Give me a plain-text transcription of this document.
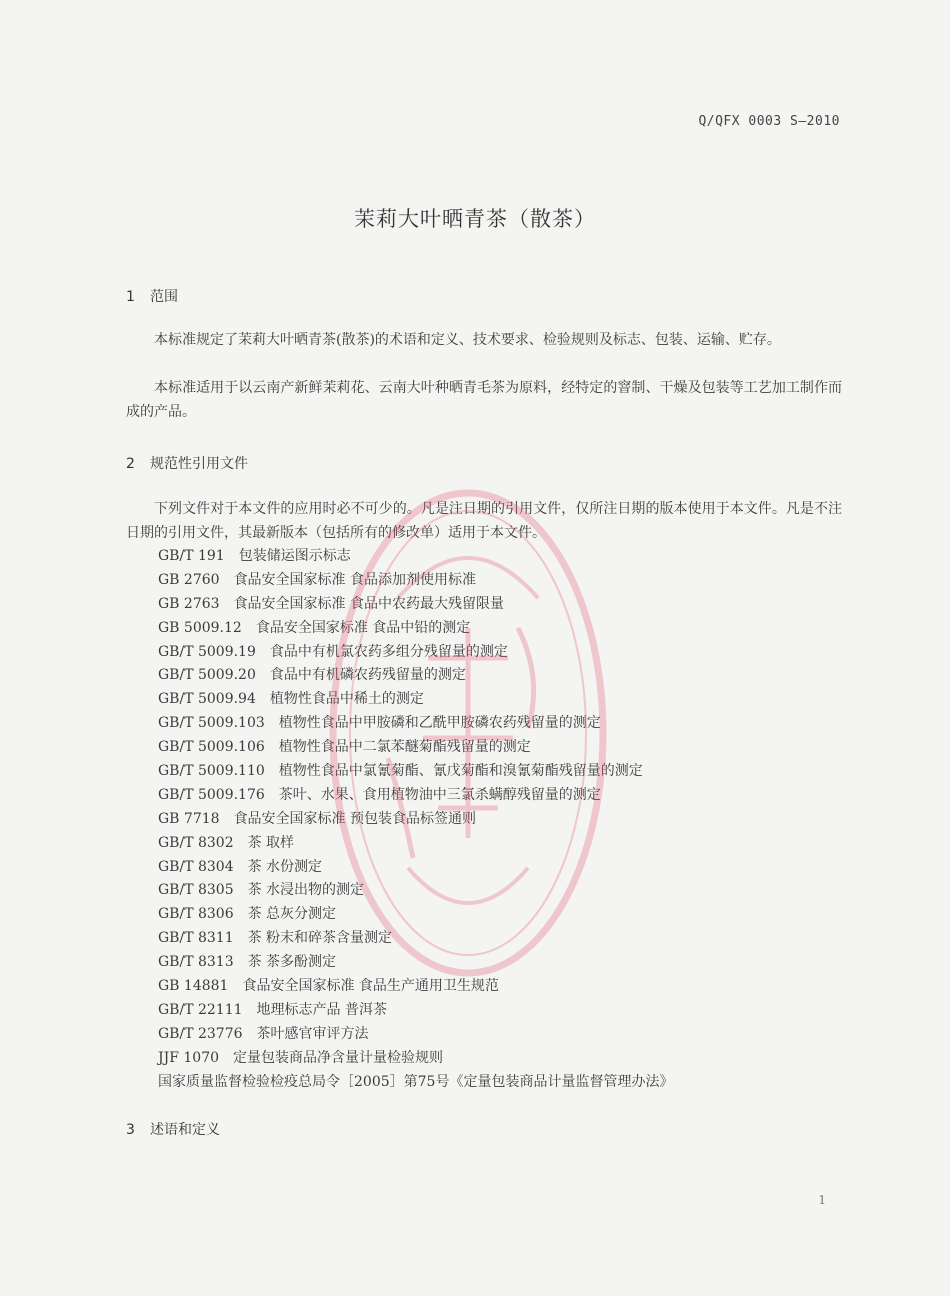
Q/QFX 0003 S—2010
茉莉大叶晒青茶（散茶）
1 范围
本标准规定了茉莉大叶晒青茶(散茶)的术语和定义、技术要求、检验规则及标志、包装、运输、贮存。
本标准适用于以云南产新鲜茉莉花、云南大叶种晒青毛茶为原料，经特定的窨制、干燥及包装等工艺加工制作而成的产品。
2 规范性引用文件
下列文件对于本文件的应用时必不可少的。凡是注日期的引用文件，仅所注日期的版本使用于本文件。凡是不注日期的引用文件，其最新版本（包括所有的修改单）适用于本文件。
GB/T 191 包装储运图示标志
GB 2760 食品安全国家标准 食品添加剂使用标准
GB 2763 食品安全国家标准 食品中农药最大残留限量
GB 5009.12 食品安全国家标准 食品中铅的测定
GB/T 5009.19 食品中有机氯农药多组分残留量的测定
GB/T 5009.20 食品中有机磷农药残留量的测定
GB/T 5009.94 植物性食品中稀土的测定
GB/T 5009.103 植物性食品中甲胺磷和乙酰甲胺磷农药残留量的测定
GB/T 5009.106 植物性食品中二氯苯醚菊酯残留量的测定
GB/T 5009.110 植物性食品中氯氰菊酯、氰戊菊酯和溴氰菊酯残留量的测定
GB/T 5009.176 茶叶、水果、食用植物油中三氯杀螨醇残留量的测定
GB 7718 食品安全国家标准 预包装食品标签通则
GB/T 8302 茶 取样
GB/T 8304 茶 水份测定
GB/T 8305 茶 水浸出物的测定
GB/T 8306 茶 总灰分测定
GB/T 8311 茶 粉末和碎茶含量测定
GB/T 8313 茶 茶多酚测定
GB 14881 食品安全国家标准 食品生产通用卫生规范
GB/T 22111 地理标志产品 普洱茶
GB/T 23776 茶叶感官审评方法
JJF 1070 定量包装商品净含量计量检验规则
国家质量监督检验检疫总局令［2005］第75号《定量包装商品计量监督管理办法》
3 述语和定义
1
